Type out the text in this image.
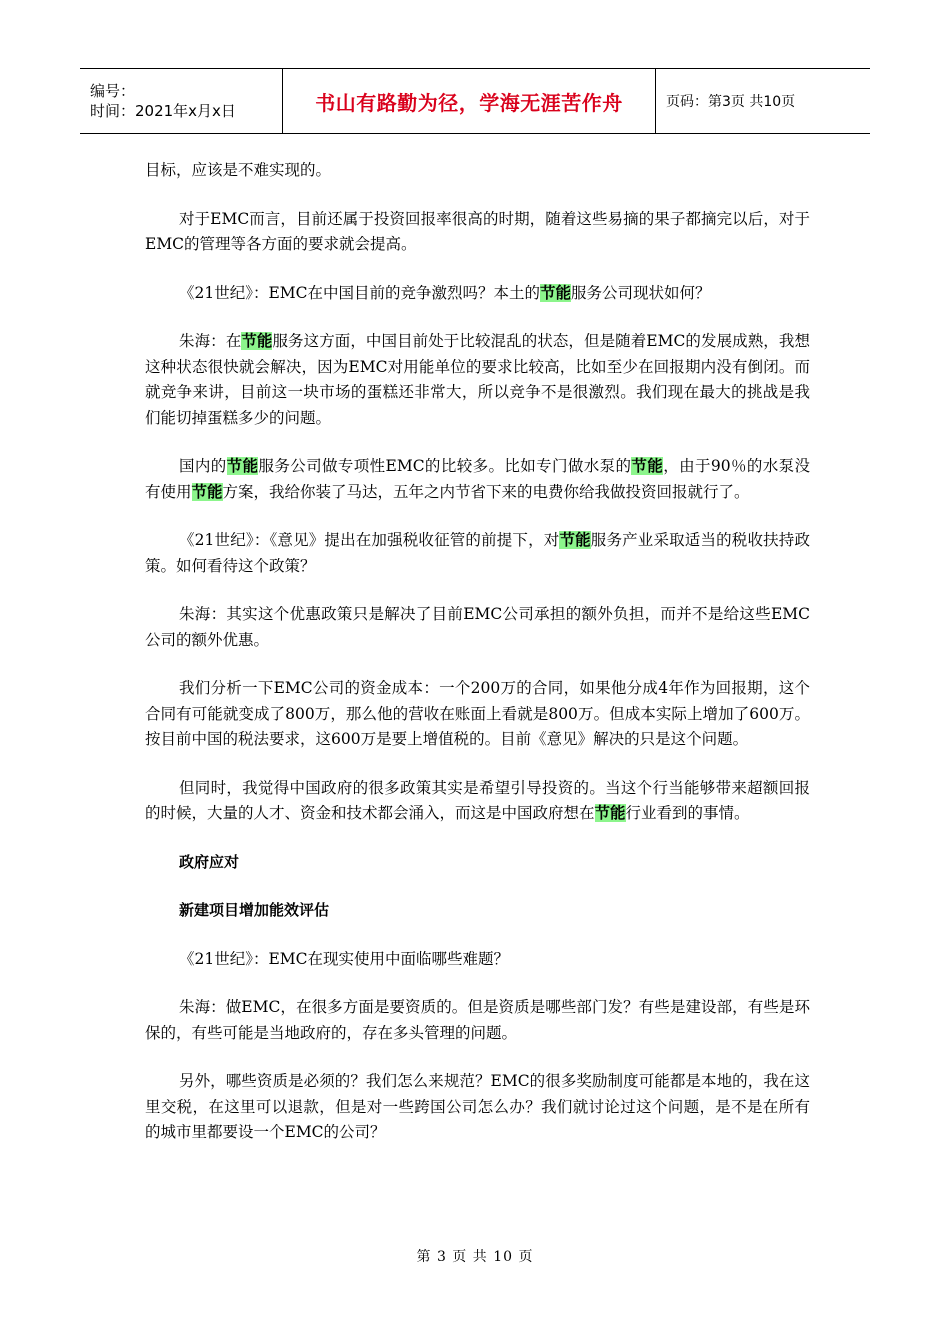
编号：
时间：2021年x月x日	书山有路勤为径，学海无涯苦作舟	页码：第3页 共10页

目标，应该是不难实现的。

对于EMC而言，目前还属于投资回报率很高的时期，随着这些易摘的果子都摘完以后，对于EMC的管理等各方面的要求就会提高。

《21世纪》：EMC在中国目前的竞争激烈吗？本土的节能服务公司现状如何？

朱海：在节能服务这方面，中国目前处于比较混乱的状态，但是随着EMC的发展成熟，我想这种状态很快就会解决，因为EMC对用能单位的要求比较高，比如至少在回报期内没有倒闭。而就竞争来讲，目前这一块市场的蛋糕还非常大，所以竞争不是很激烈。我们现在最大的挑战是我们能切掉蛋糕多少的问题。

国内的节能服务公司做专项性EMC的比较多。比如专门做水泵的节能，由于90％的水泵没有使用节能方案，我给你装了马达，五年之内节省下来的电费你给我做投资回报就行了。

《21世纪》：《意见》提出在加强税收征管的前提下，对节能服务产业采取适当的税收扶持政策。如何看待这个政策？

朱海：其实这个优惠政策只是解决了目前EMC公司承担的额外负担，而并不是给这些EMC公司的额外优惠。

我们分析一下EMC公司的资金成本：一个200万的合同，如果他分成4年作为回报期，这个合同有可能就变成了800万，那么他的营收在账面上看就是800万。但成本实际上增加了600万。按目前中国的税法要求，这600万是要上增值税的。目前《意见》解决的只是这个问题。

但同时，我觉得中国政府的很多政策其实是希望引导投资的。当这个行当能够带来超额回报的时候，大量的人才、资金和技术都会涌入，而这是中国政府想在节能行业看到的事情。

政府应对

新建项目增加能效评估

《21世纪》：EMC在现实使用中面临哪些难题？

朱海：做EMC，在很多方面是要资质的。但是资质是哪些部门发？有些是建设部，有些是环保的，有些可能是当地政府的，存在多头管理的问题。

另外，哪些资质是必须的？我们怎么来规范？EMC的很多奖励制度可能都是本地的，我在这里交税，在这里可以退款，但是对一些跨国公司怎么办？我们就讨论过这个问题，是不是在所有的城市里都要设一个EMC的公司？

第 3 页 共 10 页
